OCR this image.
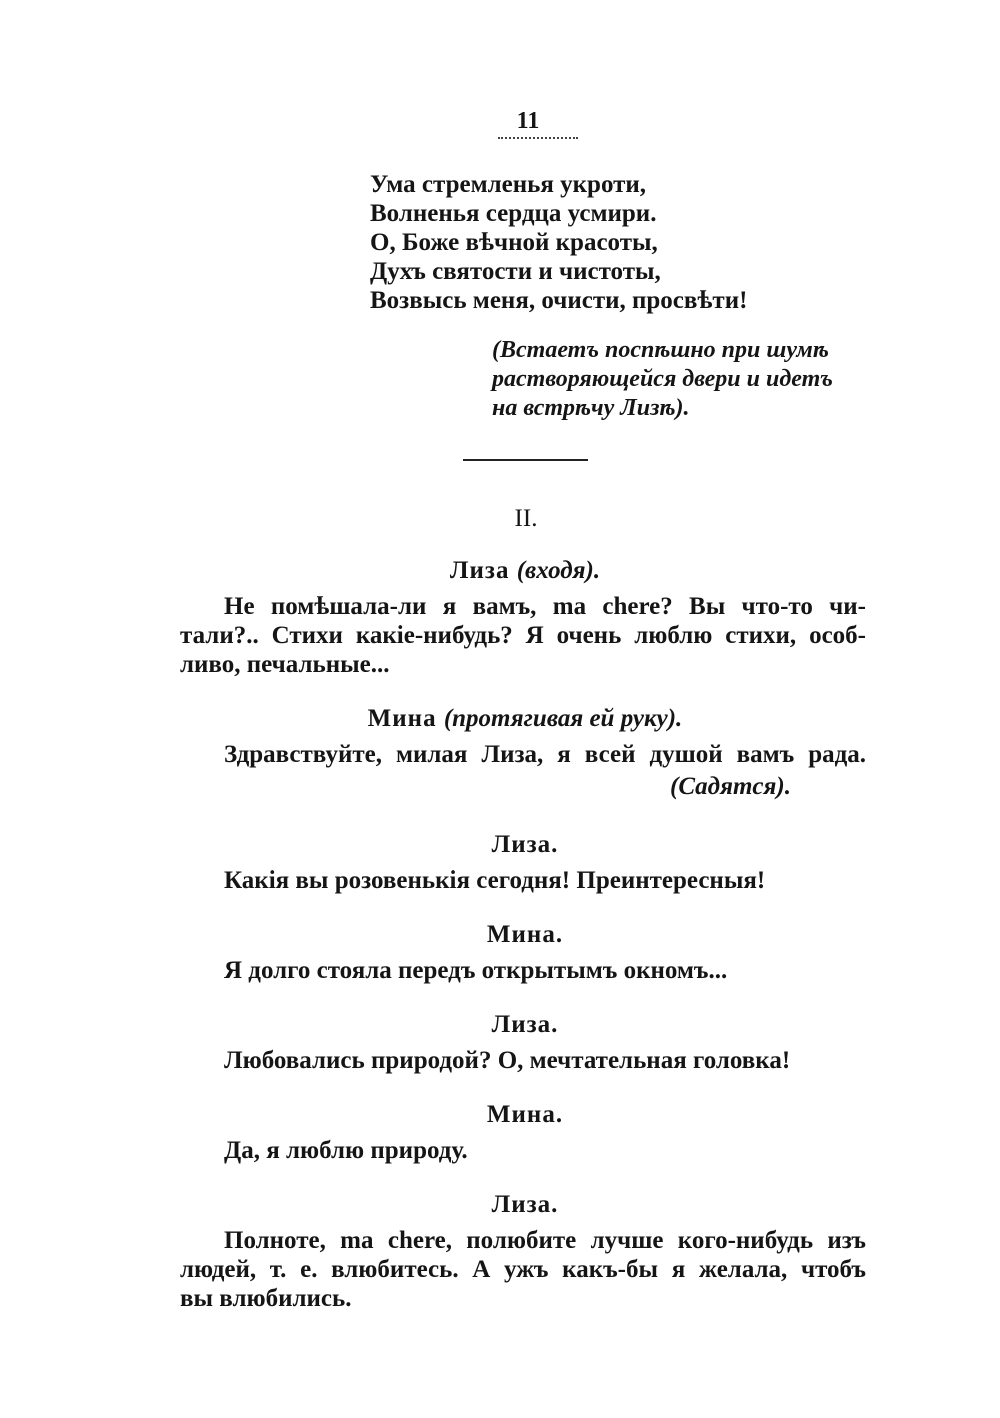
11
Ума стремленья укроти,
Волненья сердца усмири.
О, Боже вѣчной красоты,
Духъ святости и чистоты,
Возвысь меня, очисти, просвѣти!
(Встаетъ поспѣшно при шумѣ
растворяющейся двери и идетъ
на встрѣчу Лизѣ).
II.
Лиза (входя).
Не помѣшала-ли я вамъ, ma chere? Вы что-то чи-
тали?.. Стихи какіе-нибудь? Я очень люблю стихи, особ-
ливо, печальные...
Мина (протягивая ей руку).
Здравствуйте, милая Лиза, я всей душой вамъ рада.
(Садятся).
Лиза.
Какія вы розовенькія сегодня! Преинтересныя!
Мина.
Я долго стояла передъ открытымъ окномъ...
Лиза.
Любовались природой? О, мечтательная головка!
Мина.
Да, я люблю природу.
Лиза.
Полноте, ma chere, полюбите лучше кого-нибудь изъ
людей, т. е. влюбитесь. А ужъ какъ-бы я желала, чтобъ
вы влюбились.
